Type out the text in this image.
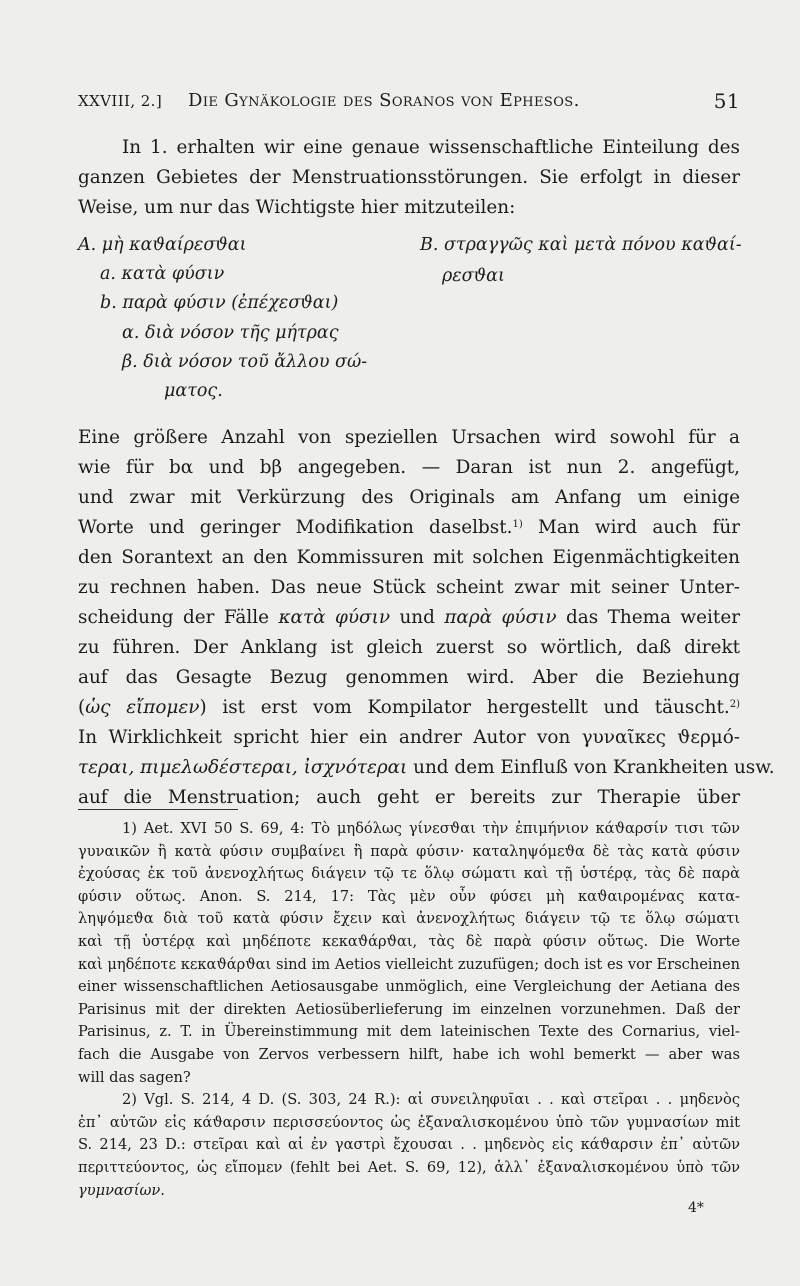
XXVIII, 2.] Die Gynäkologie des Soranos von Ephesos.	51
In 1. erhalten wir eine genaue wissenschaftliche Einteilung des
ganzen Gebietes der Menstruationsstörungen. Sie erfolgt in dieser
Weise, um nur das Wichtigste hier mitzuteilen:
A. μὴ καϑαίρεσϑαι	B. στραγγῶς καὶ μετὰ πόνου καϑαί-
a. κατὰ φύσιν	ρεσϑαι
b. παρὰ φύσιν (ἐπέχεσϑαι)
α. διὰ νόσον τῆς μήτρας
β. διὰ νόσον τοῦ ἄλλου σώ-
ματος.
Eine größere Anzahl von speziellen Ursachen wird sowohl für a
wie für bα und bβ angegeben. — Daran ist nun 2. angefügt,
und zwar mit Verkürzung des Originals am Anfang um einige
Worte und geringer Modifikation daselbst.$^{1)}$ Man wird auch für
den Sorantext an den Kommissuren mit solchen Eigenmächtigkeiten
zu rechnen haben. Das neue Stück scheint zwar mit seiner Unter-
scheidung der Fälle κατὰ φύσιν und παρὰ φύσιν das Thema weiter
zu führen. Der Anklang ist gleich zuerst so wörtlich, daß direkt
auf das Gesagte Bezug genommen wird. Aber die Beziehung
(ὡς εἴπομεν) ist erst vom Kompilator hergestellt und täuscht.$^{2)}$
In Wirklichkeit spricht hier ein andrer Autor von γυναῖκες ϑερμό-
τεραι, πιμελωδέστεραι, ἰσχνότεραι und dem Einfluß von Krankheiten usw.
auf die Menstruation; auch geht er bereits zur Therapie über
1) Aet. XVI 50 S. 69, 4: Τὸ μηδόλως γίνεσϑαι τὴν ἐπιμήνιον κάϑαρσίν τισι τῶν
γυναικῶν ἢ κατὰ φύσιν συμβαίνει ἢ παρὰ φύσιν· καταληψόμεϑα δὲ τὰς κατὰ φύσιν
ἐχούσας ἐκ τοῦ ἀνενοχλήτως διάγειν τῷ τε ὅλῳ σώματι καὶ τῇ ὑστέρᾳ, τὰς δὲ παρὰ
φύσιν οὕτως. Anon. S. 214, 17: Τὰς μὲν οὖν φύσει μὴ καϑαιρομένας κατα-
ληψόμεϑα διὰ τοῦ κατὰ φύσιν ἔχειν καὶ ἀνενοχλήτως διάγειν τῷ τε ὅλῳ σώματι
καὶ τῇ ὑστέρᾳ καὶ μηδέποτε κεκαϑάρϑαι, τὰς δὲ παρὰ φύσιν οὕτως. Die Worte
καὶ μηδέποτε κεκαϑάρϑαι sind im Aetios vielleicht zuzufügen; doch ist es vor Erscheinen
einer wissenschaftlichen Aetiosausgabe unmöglich, eine Vergleichung der Aetiana des
Parisinus mit der direkten Aetiosüberlieferung im einzelnen vorzunehmen. Daß der
Parisinus, z. T. in Übereinstimmung mit dem lateinischen Texte des Cornarius, viel-
fach die Ausgabe von Zervos verbessern hilft, habe ich wohl bemerkt — aber was
will das sagen?
2) Vgl. S. 214, 4 D. (S. 303, 24 R.): αἱ συνειληφυῖαι . . καὶ στεῖραι . . μηδενὸς
ἐπ᾽ αὐτῶν εἰς κάϑαρσιν περισσεύοντος ὡς ἐξαναλισκομένου ὑπὸ τῶν γυμνασίων mit
S. 214, 23 D.: στεῖραι καὶ αἱ ἐν γαστρὶ ἔχουσαι . . μηδενὸς εἰς κάϑαρσιν ἐπ᾽ αὐτῶν
περιττεύοντος, ὡς εἴπομεν (fehlt bei Aet. S. 69, 12), ἀλλ᾽ ἐξαναλισκομένου ὑπὸ τῶν
γυμνασίων.
4*
